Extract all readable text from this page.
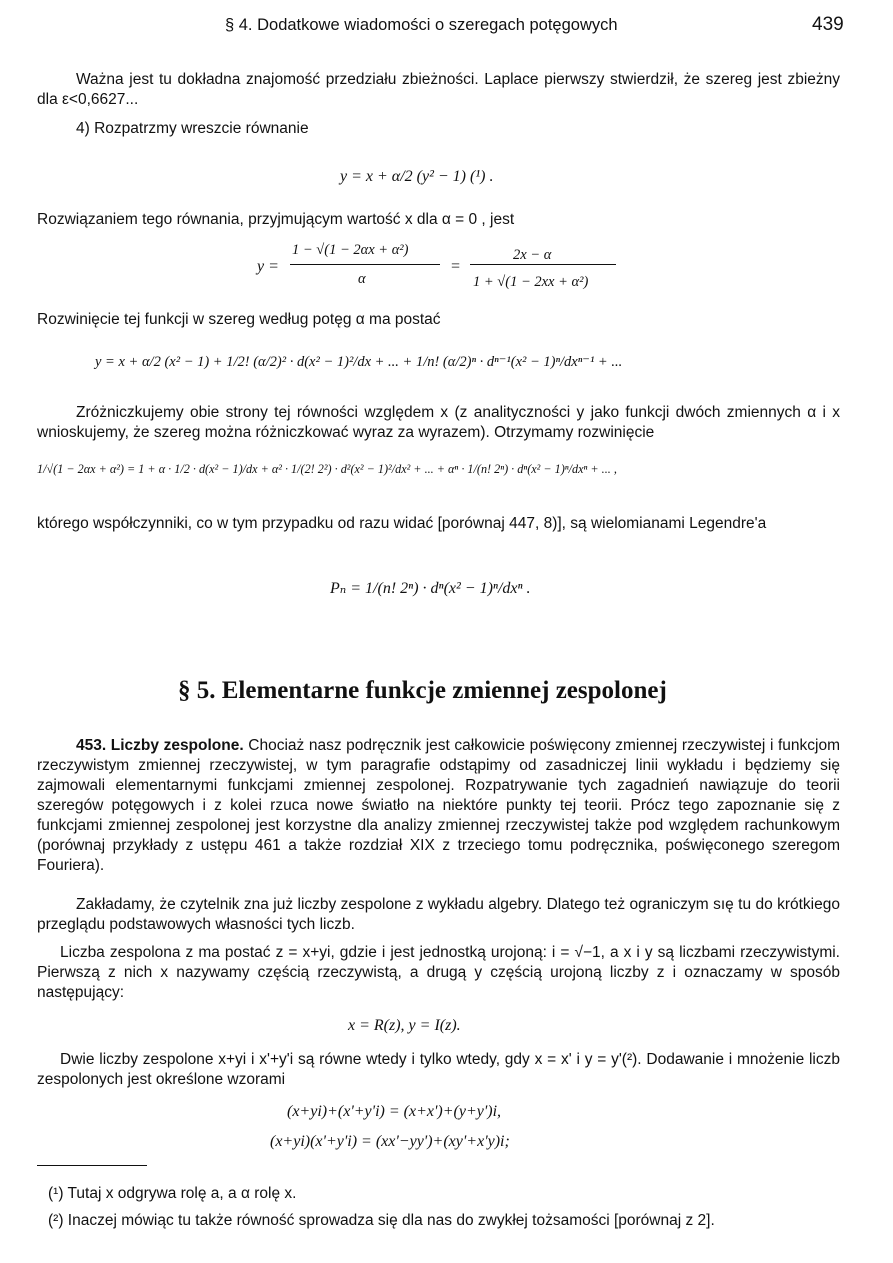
§ 4. Dodatkowe wiadomości o szeregach potęgowych	439
Ważna jest tu dokładna znajomość przedziału zbieżności. Laplace pierwszy stwierdził, że szereg jest zbieżny dla ε<0,6627...
4) Rozpatrzmy wreszcie równanie
y = x + α/2 (y² − 1) (¹) .
Rozwiązaniem tego równania, przyjmującym wartość x dla α = 0 , jest
y =
1 − √(1 − 2αx + α²)
α
=
2x − α
1 + √(1 − 2xx + α²)
Rozwinięcie tej funkcji w szereg według potęg α ma postać
y = x + α/2 (x² − 1) + 1/2! (α/2)² · d(x² − 1)²/dx + ... + 1/n! (α/2)ⁿ · dⁿ⁻¹(x² − 1)ⁿ/dxⁿ⁻¹ + ...
Zróżniczkujemy obie strony tej równości względem x (z analityczności y jako funkcji dwóch zmiennych α i x wnioskujemy, że szereg można różniczkować wyraz za wyrazem). Otrzymamy rozwinięcie
1/√(1 − 2αx + α²) = 1 + α · 1/2 · d(x² − 1)/dx + α² · 1/(2! 2²) · d²(x² − 1)²/dx² + ... + αⁿ · 1/(n! 2ⁿ) · dⁿ(x² − 1)ⁿ/dxⁿ + ... ,
którego współczynniki, co w tym przypadku od razu widać [porównaj 447, 8)], są wielomianami Legendre'a
Pₙ = 1/(n! 2ⁿ) · dⁿ(x² − 1)ⁿ/dxⁿ .
§ 5. Elementarne funkcje zmiennej zespolonej
453. Liczby zespolone. Chociaż nasz podręcznik jest całkowicie poświęcony zmiennej rzeczywistej i funkcjom rzeczywistym zmiennej rzeczywistej, w tym paragrafie odstąpimy od zasadniczej linii wykładu i będziemy się zajmowali elementarnymi funkcjami zmiennej zespolonej. Rozpatrywanie tych zagadnień nawiązuje do teorii szeregów potęgowych i z kolei rzuca nowe światło na niektóre punkty tej teorii. Prócz tego zapoznanie się z funkcjami zmiennej zespolonej jest korzystne dla analizy zmiennej rzeczywistej także pod względem rachunkowym (porównaj przykłady z ustępu 461 a także rozdział XIX z trzeciego tomu podręcznika, poświęconego szeregom Fouriera).
Zakładamy, że czytelnik zna już liczby zespolone z wykładu algebry. Dlatego też ograniczym sıę tu do krótkiego przeglądu podstawowych własności tych liczb.
Liczba zespolona z ma postać z = x+yi, gdzie i jest jednostką urojoną: i = √−1, a x i y są liczbami rzeczywistymi. Pierwszą z nich x nazywamy częścią rzeczywistą, a drugą y częścią urojoną liczby z i oznaczamy w sposób następujący:
x = R(z), y = I(z).
Dwie liczby zespolone x+yi i x'+y'i są równe wtedy i tylko wtedy, gdy x = x' i y = y'(²). Dodawanie i mnożenie liczb zespolonych jest określone wzorami
(x+yi)+(x'+y'i) = (x+x')+(y+y')i,
(x+yi)(x'+y'i) = (xx'−yy')+(xy'+x'y)i;
(¹) Tutaj x odgrywa rolę a, a α rolę x.
(²) Inaczej mówiąc tu także równość sprowadza się dla nas do zwykłej tożsamości [porównaj z 2].
